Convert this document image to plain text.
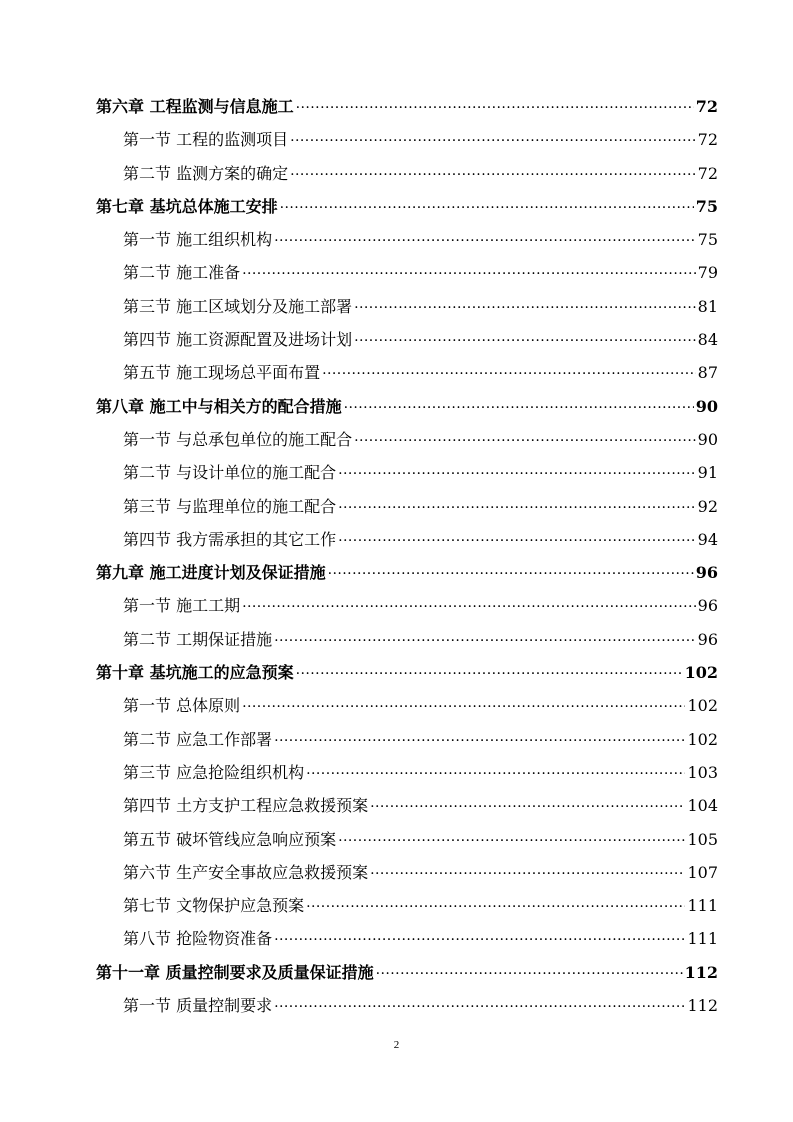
第六章 工程监测与信息施工 . . .	72
第一节 工程的监测项目 . . .	72
第二节 监测方案的确定 . . .	72
第七章 基坑总体施工安排 . . .	75
第一节 施工组织机构 . . .	75
第二节 施工准备 . . .	79
第三节 施工区域划分及施工部署 . . .	81
第四节 施工资源配置及进场计划 . . .	84
第五节 施工现场总平面布置 . . .	87
第八章 施工中与相关方的配合措施 . . .	90
第一节 与总承包单位的施工配合 . . .	90
第二节 与设计单位的施工配合 . . .	91
第三节 与监理单位的施工配合 . . .	92
第四节 我方需承担的其它工作 . . .	94
第九章 施工进度计划及保证措施 . . .	96
第一节 施工工期 . . .	96
第二节 工期保证措施 . . .	96
第十章 基坑施工的应急预案 . . .	102
第一节 总体原则 . . .	102
第二节 应急工作部署 . . .	102
第三节 应急抢险组织机构 . . .	103
第四节 土方支护工程应急救援预案 . . .	104
第五节 破坏管线应急响应预案 . . .	105
第六节 生产安全事故应急救援预案 . . .	107
第七节 文物保护应急预案 . . .	111
第八节 抢险物资准备 . . .	111
第十一章 质量控制要求及质量保证措施 . . .	112
第一节 质量控制要求 . . .	112
2
